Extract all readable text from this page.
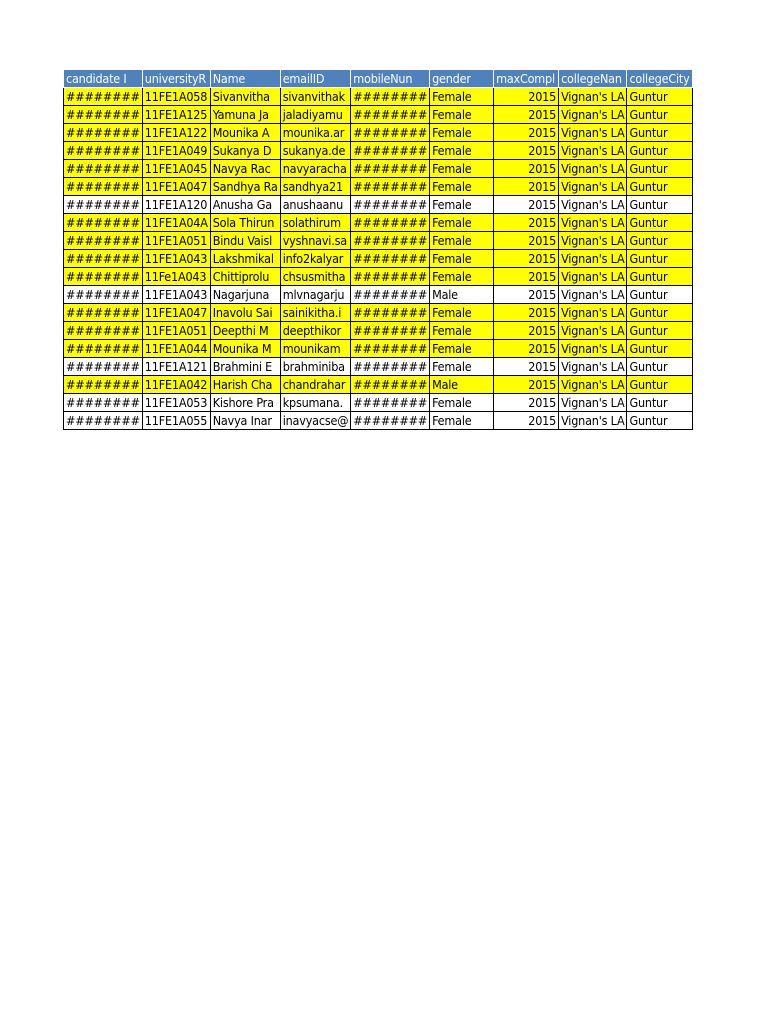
candidate I	universityR	Name	emailID	mobileNun	gender	maxCompl	collegeNan	collegeCity
########	11FE1A058	Sivanvitha	sivanvithak	########	Female	2015	Vignan's LA	Guntur
########	11FE1A125	Yamuna Ja	jaladiyamu	########	Female	2015	Vignan's LA	Guntur
########	11FE1A122	Mounika A	mounika.ar	########	Female	2015	Vignan's LA	Guntur
########	11FE1A049	Sukanya D	sukanya.de	########	Female	2015	Vignan's LA	Guntur
########	11FE1A045	Navya Rac	navyaracha	########	Female	2015	Vignan's LA	Guntur
########	11FE1A047	Sandhya Ra	sandhya21	########	Female	2015	Vignan's LA	Guntur
########	11FE1A120	Anusha Ga	anushaanu	########	Female	2015	Vignan's LA	Guntur
########	11FE1A04A	Sola Thirun	solathirum	########	Female	2015	Vignan's LA	Guntur
########	11FE1A051	Bindu Vaisl	vyshnavi.sa	########	Female	2015	Vignan's LA	Guntur
########	11FE1A043	Lakshmikal	info2kalyar	########	Female	2015	Vignan's LA	Guntur
########	11Fe1A043	Chittiprolu	chsusmitha	########	Female	2015	Vignan's LA	Guntur
########	11FE1A043	Nagarjuna	mlvnagarju	########	Male	2015	Vignan's LA	Guntur
########	11FE1A047	Inavolu Sai	sainikitha.i	########	Female	2015	Vignan's LA	Guntur
########	11FE1A051	Deepthi M	deepthikor	########	Female	2015	Vignan's LA	Guntur
########	11FE1A044	Mounika M	mounikam	########	Female	2015	Vignan's LA	Guntur
########	11FE1A121	Brahmini E	brahminiba	########	Female	2015	Vignan's LA	Guntur
########	11FE1A042	Harish Cha	chandrahar	########	Male	2015	Vignan's LA	Guntur
########	11FE1A053	Kishore Pra	kpsumana.	########	Female	2015	Vignan's LA	Guntur
########	11FE1A055	Navya Inar	inavyacse@	########	Female	2015	Vignan's LA	Guntur
